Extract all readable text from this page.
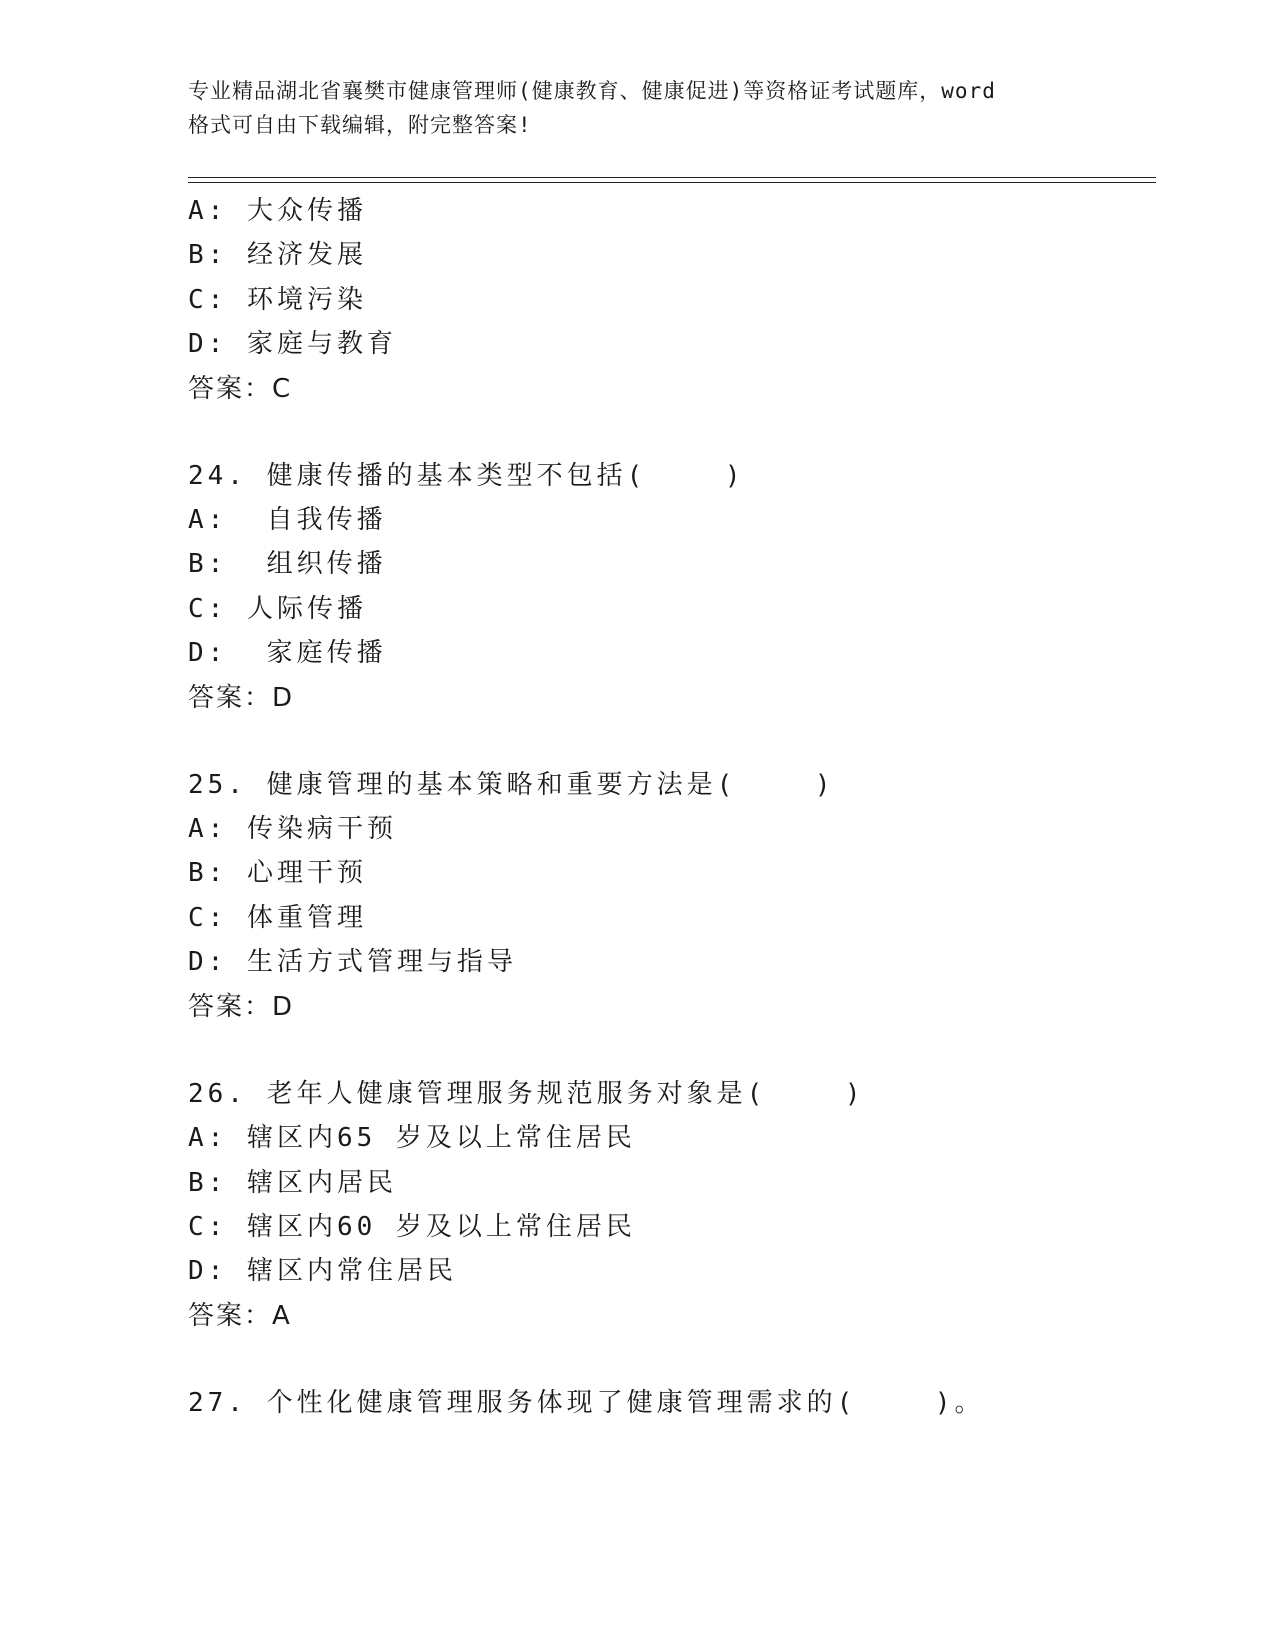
专业精品湖北省襄樊市健康管理师(健康教育、健康促进)等资格证考试题库，word
格式可自由下载编辑，附完整答案!
A: 大众传播
B: 经济发展
C: 环境污染
D: 家庭与教育
答案：C
24. 健康传播的基本类型不包括(    )
A:  自我传播
B:  组织传播
C: 人际传播
D:  家庭传播
答案：D
25. 健康管理的基本策略和重要方法是(    )
A: 传染病干预
B: 心理干预
C: 体重管理
D: 生活方式管理与指导
答案：D
26. 老年人健康管理服务规范服务对象是(    )
A: 辖区内65 岁及以上常住居民
B: 辖区内居民
C: 辖区内60 岁及以上常住居民
D: 辖区内常住居民
答案：A
27. 个性化健康管理服务体现了健康管理需求的(    )。
